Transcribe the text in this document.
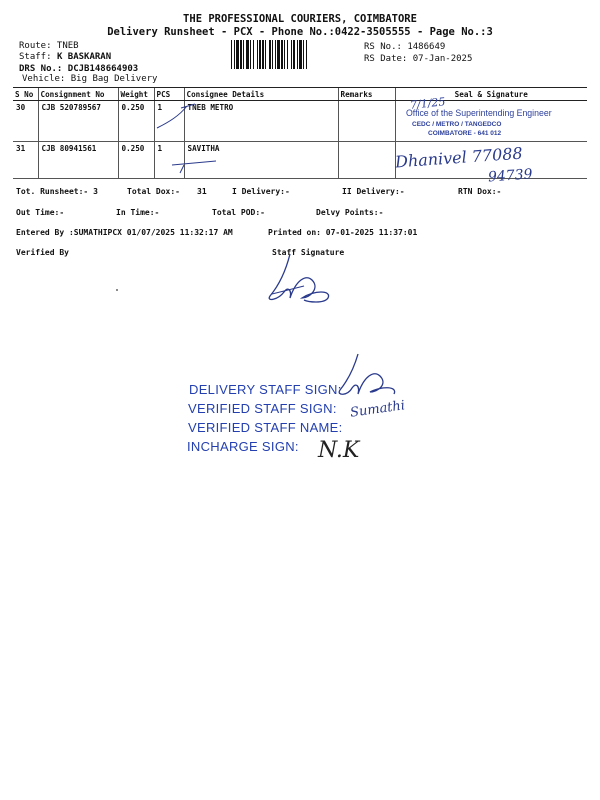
THE PROFESSIONAL COURIERS, COIMBATORE
Delivery Runsheet - PCX - Phone No.:0422-3505555 - Page No.:3
Route: TNEB
Staff: K BASKARAN
DRS No.: DCJB148664903
Vehicle: Big Bag Delivery
RS No.: 1486649
RS Date: 07-Jan-2025
S No	Consignment No	Weight	PCS	Consignee Details	Remarks	Seal & Signature
30	CJB 520789567	0.250	1	TNEB METRO		
31	CJB 80941561	0.250	1	SAVITHA		
7/1/25
Office of the Superintending Engineer
CEDC / METRO / TANGEDCO
COIMBATORE - 641 012
Dhanivel 77088
94739
Tot. Runsheet:- 3	Total Dox:- 31	I Delivery:-	II Delivery:-	RTN Dox:-
Out Time:-	In Time:-	Total POD:-	Delvy Points:-
Entered By :SUMATHIPCX 01/07/2025 11:32:17 AM	Printed on: 07-01-2025 11:37:01
Verified By	Staff Signature
DELIVERY STAFF SIGN:
VERIFIED STAFF SIGN:
VERIFIED STAFF NAME:
INCHARGE SIGN:
Sumathi
N.K
